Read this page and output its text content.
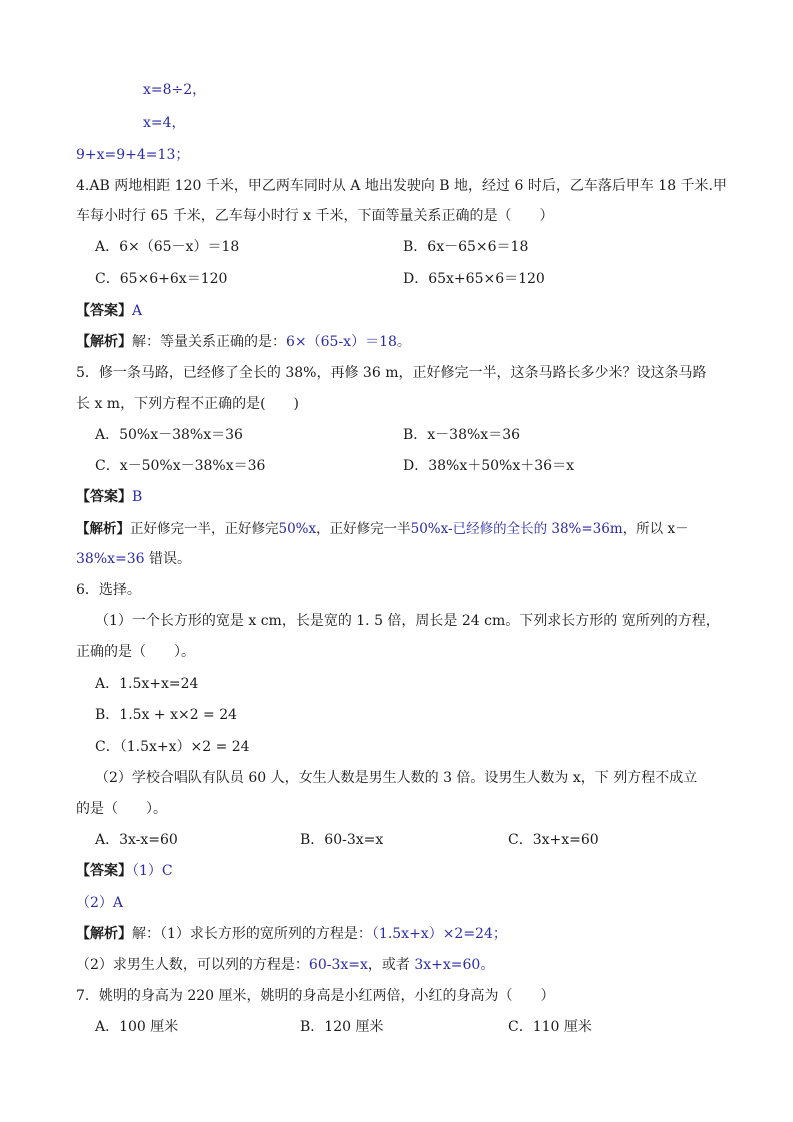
x=8÷2，
x=4，
9+x=9+4=13；
4.AB 两地相距 120 千米，甲乙两车同时从 A 地出发驶向 B 地，经过 6 时后，乙车落后甲车 18 千米.甲
车每小时行 65 千米，乙车每小时行 x 千米，下面等量关系正确的是（　　）
A．6×（65－x）＝18	B．6x－65×6＝18
C．65×6+6x＝120	D．65x+65×6＝120
【答案】A
【解析】解：等量关系正确的是：6×（65-x）＝18。
5．修一条马路，已经修了全长的 38%，再修 36 m，正好修完一半，这条马路长多少米？设这条马路
长 x m，下列方程不正确的是(　　)
A．50%x－38%x＝36	B．x－38%x＝36
C．x－50%x－38%x＝36	D．38%x＋50%x＋36＝x
【答案】B
【解析】正好修完一半，正好修完50%x，正好修完一半50%x-已经修的全长的 38%=36m，所以 x－
38%x=36 错误。
6．选择。
（1）一个长方形的宽是 x cm，长是宽的 1. 5 倍，周长是 24 cm。下列求长方形的 宽所列的方程，
正确的是（　　）。
A．1.5x+x=24
B．1.5x + x×2 = 24
C．（1.5x+x）×2 = 24
（2）学校合唱队有队员 60 人，女生人数是男生人数的 3 倍。设男生人数为 x，下 列方程不成立
的是（　　）。
A．3x-x=60	B．60-3x=x	C．3x+x=60
【答案】（1）C
（2）A
【解析】解：（1）求长方形的宽所列的方程是：（1.5x+x）×2=24；
（2）求男生人数，可以列的方程是：60-3x=x，或者 3x+x=60。
7．姚明的身高为 220 厘米，姚明的身高是小红两倍，小红的身高为（　　）
A．100 厘米	B．120 厘米	C．110 厘米
